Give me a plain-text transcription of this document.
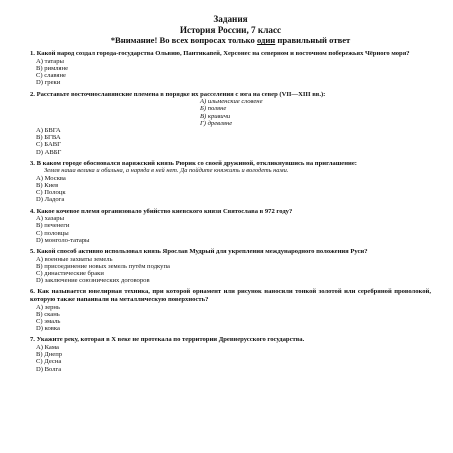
Задания
История России, 7 класс
*Внимание! Во всех вопросах только один правильный ответ
1. Какой народ создал города-государства Ольвию, Пантикапей, Херсонес на северном и восточном побережьях Чёрного моря?
А) татары
В) римляне
С) славяне
D) греки
2. Расставьте восточнославянские племена в порядке их расселения с юга на север (VII—XIII вв.):
А) ильменские словене
Б) поляне
В) кривичи
Г) древляне
А) БВГА
В) БГВА
С) БАВГ
D) АВБГ
3. В каком городе обосновался варяжский князь Рюрик со своей дружиной, откликнувшись на приглашение:
Земля наша велика и обильна, а наряда в ней нет. Да пойдите княжить и володеть нами.
А) Москва
В) Киев
С) Полоцк
D) Ладога
4. Какое кочевое племя организовало убийство киевского князя Святослава в 972 году?
А) хазары
В) печенеги
С) половцы
D) монголо-татары
5. Какой способ активно использовал князь Ярослав Мудрый для укрепления международного положения Руси?
А) военные захваты земель
В) присоединение новых земель путём подкупа
С) династические браки
D) заключение союзнических договоров
6. Как называется ювелирная техника, при которой орнамент или рисунок наносили тонкой золотой или серебряной проволокой, которую также напаивали на металлическую поверхность?
А) зернь
В) скань
С) эмаль
D) ковка
7. Укажите реку, которая в X веке не протекала по территории Древнерусского государства.
А) Кама
В) Днепр
С) Десна
D) Волга
